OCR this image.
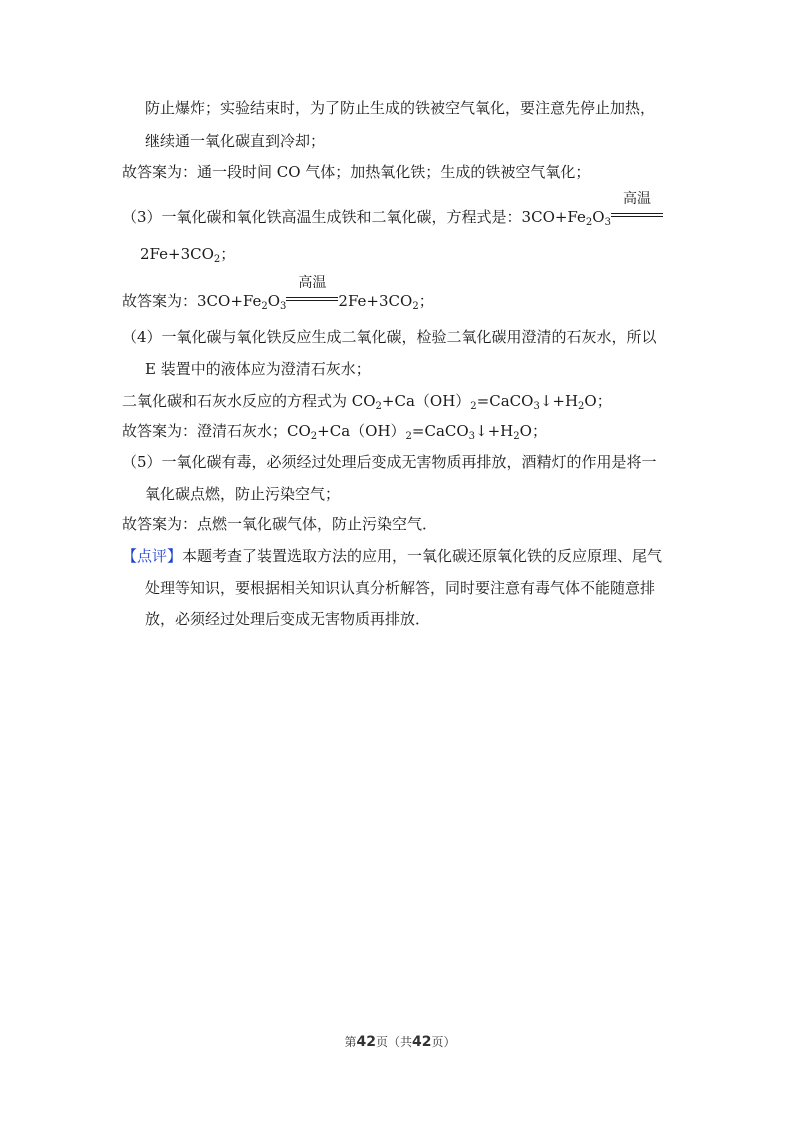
防止爆炸；实验结束时，为了防止生成的铁被空气氧化，要注意先停止加热，
继续通一氧化碳直到冷却；
故答案为：通一段时间 CO 气体；加热氧化铁；生成的铁被空气氧化；
（3）一氧化碳和氧化铁高温生成铁和二氧化碳，方程式是：$3CO+Fe_2O_3$
高温
$2Fe+3CO_2$；
故答案为：$3CO+Fe_2O_3$
高温
$2Fe+3CO_2$；
（4）一氧化碳与氧化铁反应生成二氧化碳，检验二氧化碳用澄清的石灰水，所以
E 装置中的液体应为澄清石灰水；
二氧化碳和石灰水反应的方程式为 $CO_2+Ca(OH)_2=CaCO_3↓+H_2O$；
故答案为：澄清石灰水；$CO_2+Ca(OH)_2=CaCO_3↓+H_2O$；
（5）一氧化碳有毒，必须经过处理后变成无害物质再排放，酒精灯的作用是将一
氧化碳点燃，防止污染空气；
故答案为：点燃一氧化碳气体，防止污染空气．
【点评】本题考查了装置选取方法的应用，一氧化碳还原氧化铁的反应原理、尾气
处理等知识，要根据相关知识认真分析解答，同时要注意有毒气体不能随意排
放，必须经过处理后变成无害物质再排放．
第42页（共42页）
